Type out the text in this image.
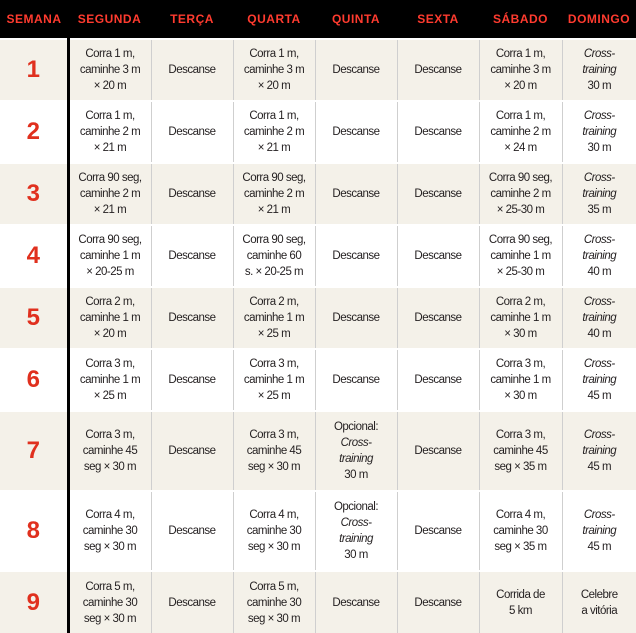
SEMANA	SEGUNDA	TERÇA	QUARTA	QUINTA	SEXTA	SÁBADO	DOMINGO
1	Corra 1 m,
caminhe 3 m
× 20 m	Descanse	Corra 1 m,
caminhe 3 m
× 20 m	Descanse	Descanse	Corra 1 m,
caminhe 3 m
× 20 m	Cross-
training
30 m

2	Corra 1 m,
caminhe 2 m
× 21 m	Descanse	Corra 1 m,
caminhe 2 m
× 21 m	Descanse	Descanse	Corra 1 m,
caminhe 2 m
× 24 m	Cross-
training
30 m

3	Corra 90 seg,
caminhe 2 m
× 21 m	Descanse	Corra 90 seg,
caminhe 2 m
× 21 m	Descanse	Descanse	Corra 90 seg,
caminhe 2 m
× 25-30 m	Cross-
training
35 m

4	Corra 90 seg,
caminhe 1 m
× 20-25 m	Descanse	Corra 90 seg,
caminhe 60
s. × 20-25 m	Descanse	Descanse	Corra 90 seg,
caminhe 1 m
× 25-30 m	Cross-
training
40 m

5	Corra 2 m,
caminhe 1 m
× 20 m	Descanse	Corra 2 m,
caminhe 1 m
× 25 m	Descanse	Descanse	Corra 2 m,
caminhe 1 m
× 30 m	Cross-
training
40 m

6	Corra 3 m,
caminhe 1 m
× 25 m	Descanse	Corra 3 m,
caminhe 1 m
× 25 m	Descanse	Descanse	Corra 3 m,
caminhe 1 m
× 30 m	Cross-
training
45 m

7	Corra 3 m,
caminhe 45
seg × 30 m	Descanse	Corra 3 m,
caminhe 45
seg × 30 m	Opcional:
Cross-
training
30 m	Descanse	Corra 3 m,
caminhe 45
seg × 35 m	Cross-
training
45 m

8	Corra 4 m,
caminhe 30
seg × 30 m	Descanse	Corra 4 m,
caminhe 30
seg × 30 m	Opcional:
Cross-
training
30 m	Descanse	Corra 4 m,
caminhe 30
seg × 35 m	Cross-
training
45 m

9	Corra 5 m,
caminhe 30
seg × 30 m	Descanse	Corra 5 m,
caminhe 30
seg × 30 m	Descanse	Descanse	Corrida de
5 km	Celebre
a vitória
